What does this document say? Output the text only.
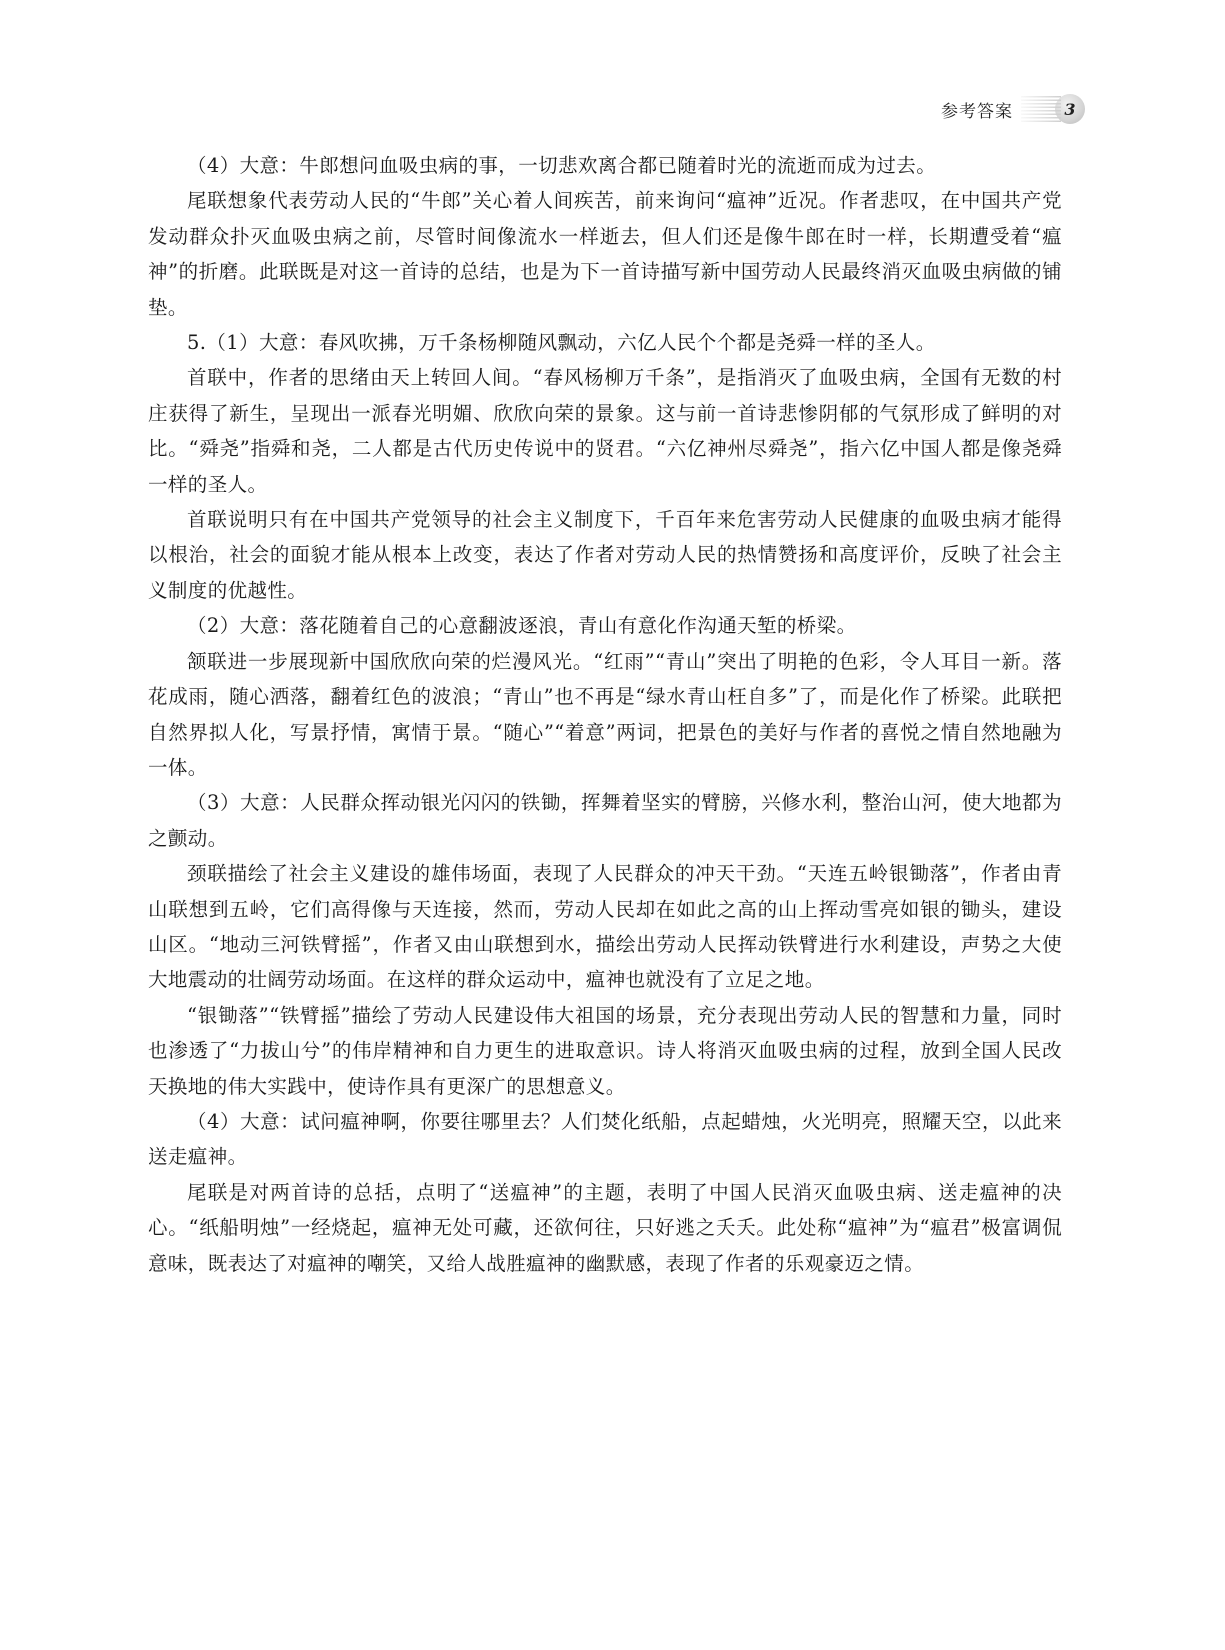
参考答案	3

（4）大意：牛郎想问血吸虫病的事，一切悲欢离合都已随着时光的流逝而成为过去。

尾联想象代表劳动人民的“牛郎”关心着人间疾苦，前来询问“瘟神”近况。作者悲叹，在中国共产党发动群众扑灭血吸虫病之前，尽管时间像流水一样逝去，但人们还是像牛郎在时一样，长期遭受着“瘟神”的折磨。此联既是对这一首诗的总结，也是为下一首诗描写新中国劳动人民最终消灭血吸虫病做的铺垫。

5.（1）大意：春风吹拂，万千条杨柳随风飘动，六亿人民个个都是尧舜一样的圣人。

首联中，作者的思绪由天上转回人间。“春风杨柳万千条”，是指消灭了血吸虫病，全国有无数的村庄获得了新生，呈现出一派春光明媚、欣欣向荣的景象。这与前一首诗悲惨阴郁的气氛形成了鲜明的对比。“舜尧”指舜和尧，二人都是古代历史传说中的贤君。“六亿神州尽舜尧”，指六亿中国人都是像尧舜一样的圣人。

首联说明只有在中国共产党领导的社会主义制度下，千百年来危害劳动人民健康的血吸虫病才能得以根治，社会的面貌才能从根本上改变，表达了作者对劳动人民的热情赞扬和高度评价，反映了社会主义制度的优越性。

（2）大意：落花随着自己的心意翻波逐浪，青山有意化作沟通天堑的桥梁。

颔联进一步展现新中国欣欣向荣的烂漫风光。“红雨”“青山”突出了明艳的色彩，令人耳目一新。落花成雨，随心洒落，翻着红色的波浪；“青山”也不再是“绿水青山枉自多”了，而是化作了桥梁。此联把自然界拟人化，写景抒情，寓情于景。“随心”“着意”两词，把景色的美好与作者的喜悦之情自然地融为一体。

（3）大意：人民群众挥动银光闪闪的铁锄，挥舞着坚实的臂膀，兴修水利，整治山河，使大地都为之颤动。

颈联描绘了社会主义建设的雄伟场面，表现了人民群众的冲天干劲。“天连五岭银锄落”，作者由青山联想到五岭，它们高得像与天连接，然而，劳动人民却在如此之高的山上挥动雪亮如银的锄头，建设山区。“地动三河铁臂摇”，作者又由山联想到水，描绘出劳动人民挥动铁臂进行水利建设，声势之大使大地震动的壮阔劳动场面。在这样的群众运动中，瘟神也就没有了立足之地。

“银锄落”“铁臂摇”描绘了劳动人民建设伟大祖国的场景，充分表现出劳动人民的智慧和力量，同时也渗透了“力拔山兮”的伟岸精神和自力更生的进取意识。诗人将消灭血吸虫病的过程，放到全国人民改天换地的伟大实践中，使诗作具有更深广的思想意义。

（4）大意：试问瘟神啊，你要往哪里去？人们焚化纸船，点起蜡烛，火光明亮，照耀天空，以此来送走瘟神。

尾联是对两首诗的总括，点明了“送瘟神”的主题，表明了中国人民消灭血吸虫病、送走瘟神的决心。“纸船明烛”一经烧起，瘟神无处可藏，还欲何往，只好逃之夭夭。此处称“瘟神”为“瘟君”极富调侃意味，既表达了对瘟神的嘲笑，又给人战胜瘟神的幽默感，表现了作者的乐观豪迈之情。
